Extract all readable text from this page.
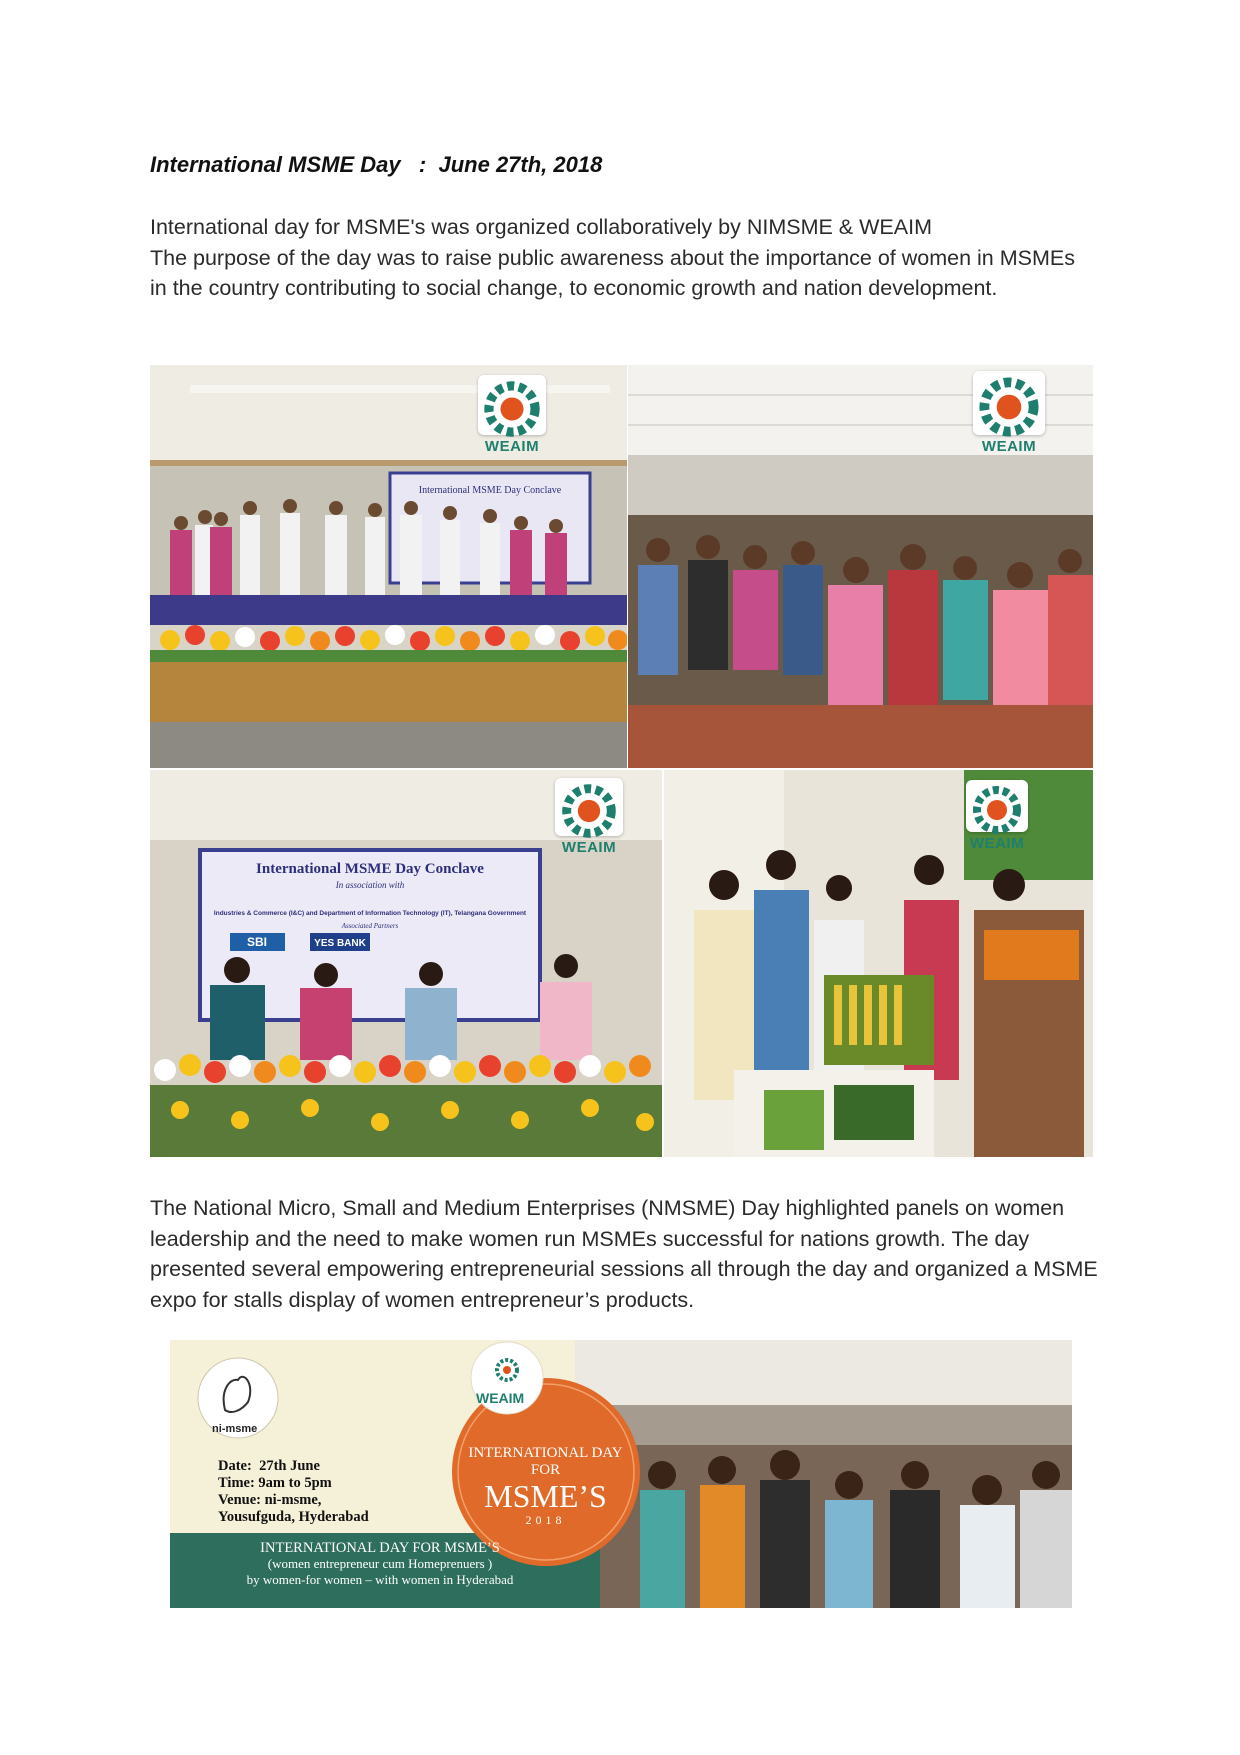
International MSME Day   :  June 27th, 2018

International day for MSME's was organized collaboratively by NIMSME & WEAIM

The purpose of the day was to raise public awareness about the importance of women in MSMEs in the country contributing to social change, to economic growth and nation development.

International MSME Day Conclave
WEAIM	WEAIM
International MSME Day Conclave
In association with
Industries & Commerce (I&C) and Department of Information Technology (IT), Telangana Government
Associated Partners
SBI	YES BANK
WEAIM	WEAIM

The National Micro, Small and Medium Enterprises (NMSME) Day highlighted panels on women leadership and the need to make women run MSMEs successful for nations growth. The day presented several empowering entrepreneurial sessions all through the day and organized a MSME expo for stalls display of women entrepreneur’s products.

WEAIM
ni-msme
Date:  27th June
Time: 9am to 5pm
Venue: ni-msme,
Yousufguda, Hyderabad
INTERNATIONAL DAY FOR
MSME’S
2018
INTERNATIONAL DAY FOR MSME’S
(women entrepreneur cum Homeprenuers )
by women-for women – with women in Hyderabad
